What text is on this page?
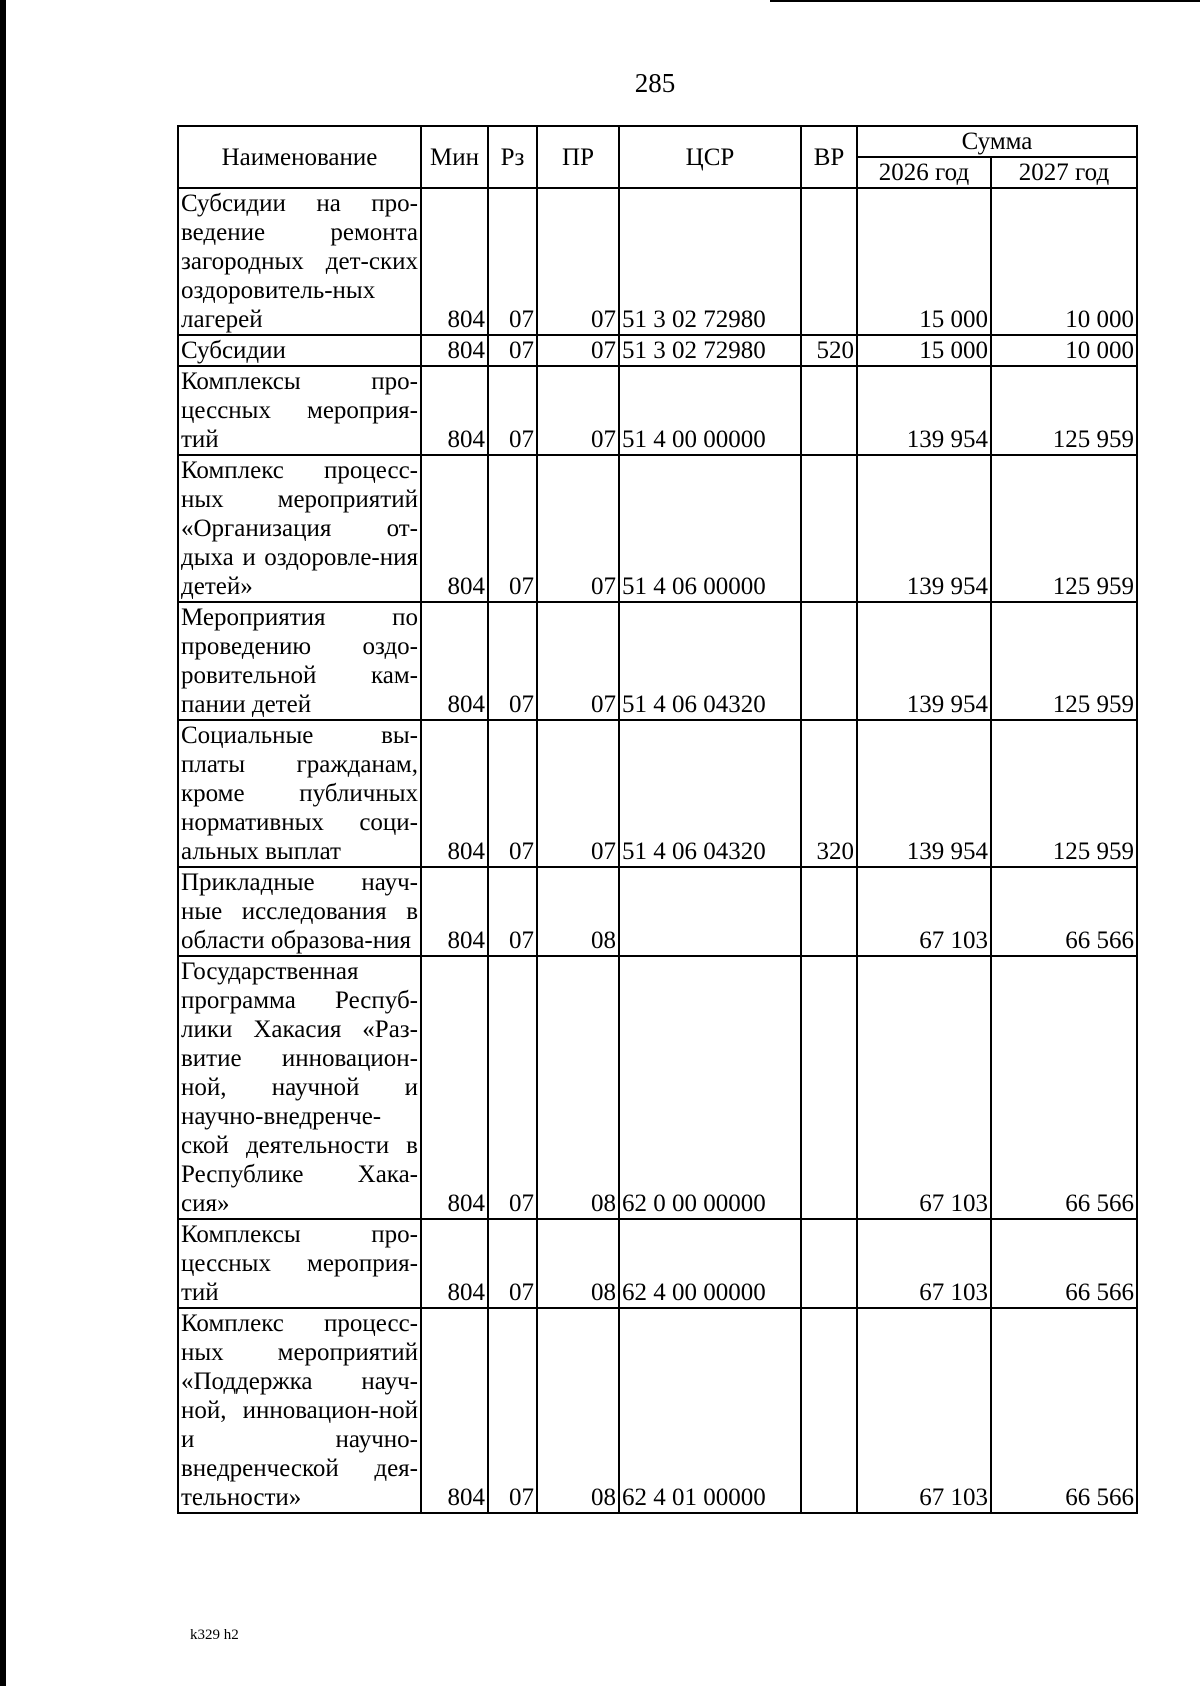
285
Наименование	Мин	Рз	ПР	ЦСР	ВР	Сумма	
						2026 год	2027 год
Субсидии на про-ведение ремонта загородных дет-ских оздоровитель-ных лагерей	804	07	07	51 3 02 72980		15 000	10 000
Субсидии	804	07	07	51 3 02 72980	520	15 000	10 000
Комплексы про-цессных мероприя-тий	804	07	07	51 4 00 00000		139 954	125 959
Комплекс процесс-ных мероприятий «Организация от-дыха и оздоровле-ния детей»	804	07	07	51 4 06 00000		139 954	125 959
Мероприятия по проведению оздо-ровительной кам-пании детей	804	07	07	51 4 06 04320		139 954	125 959
Социальные вы-платы гражданам, кроме публичных нормативных соци-альных выплат	804	07	07	51 4 06 04320	320	139 954	125 959
Прикладные науч-ные исследования в области образова-ния	804	07	08			67 103	66 566
Государственная программа Респуб-лики Хакасия «Раз-витие инновацион-ной, научной и научно-внедренче-ской деятельности в Республике Хака-сия»	804	07	08	62 0 00 00000		67 103	66 566
Комплексы про-цессных мероприя-тий	804	07	08	62 4 00 00000		67 103	66 566
Комплекс процесс-ных мероприятий «Поддержка науч-ной, инновацион-ной и научно-внедренческой дея-тельности»	804	07	08	62 4 01 00000		67 103	66 566
k329 h2
